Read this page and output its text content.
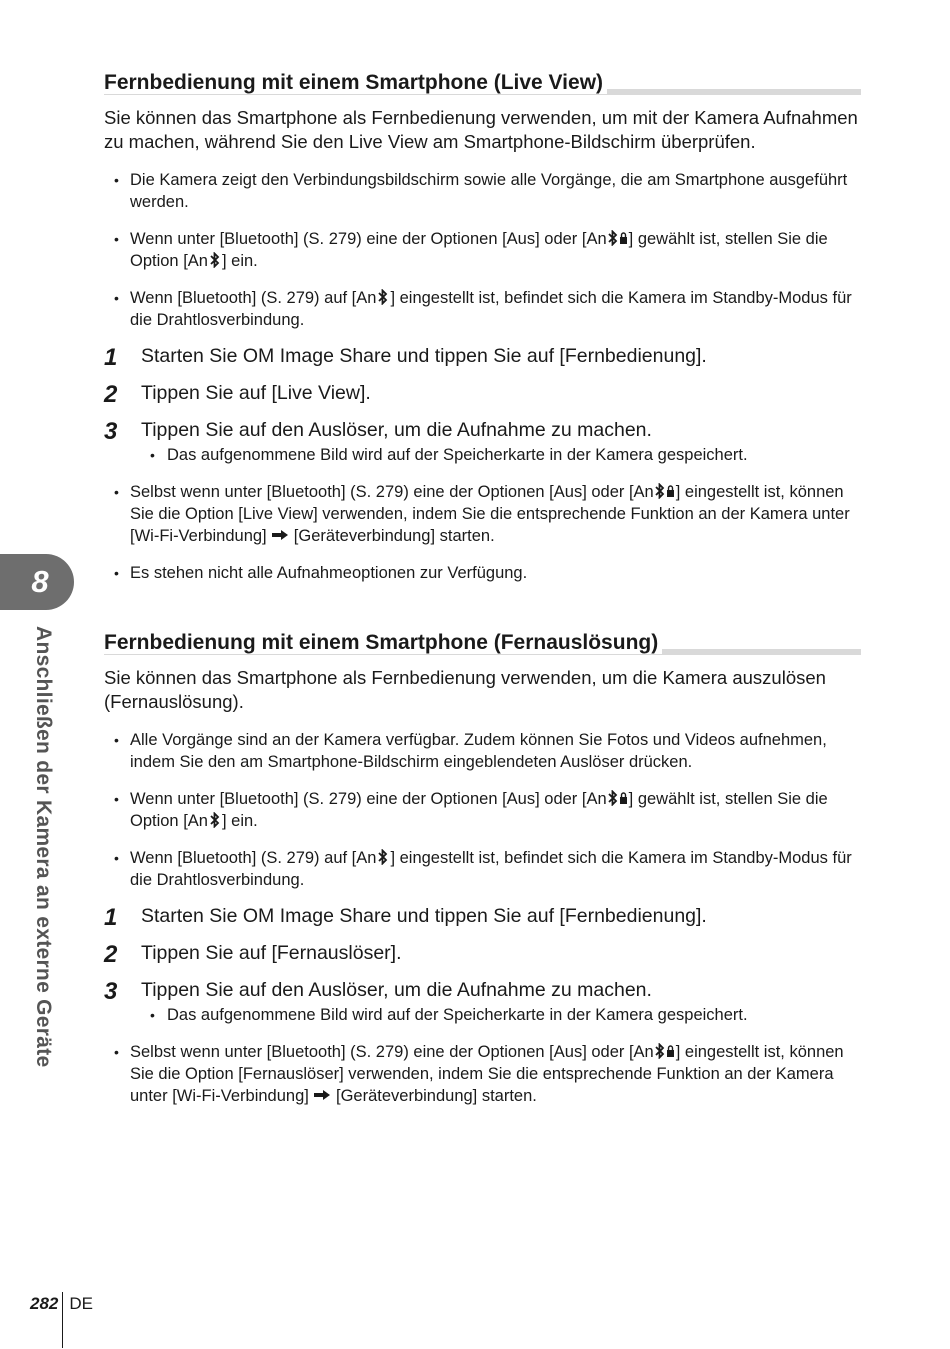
Fernbedienung mit einem Smartphone (Live View)

Sie können das Smartphone als Fernbedienung verwenden, um mit der Kamera Aufnahmen zu machen, während Sie den Live View am Smartphone-Bildschirm überprüfen.

• Die Kamera zeigt den Verbindungsbildschirm sowie alle Vorgänge, die am Smartphone ausgeführt werden.
• Wenn unter [Bluetooth] (S. 279) eine der Optionen [Aus] oder [An ] gewählt ist, stellen Sie die Option [An ] ein.
• Wenn [Bluetooth] (S. 279) auf [An ] eingestellt ist, befindet sich die Kamera im Standby-Modus für die Drahtlosverbindung.
1 Starten Sie OM Image Share und tippen Sie auf [Fernbedienung].
2 Tippen Sie auf [Live View].
3 Tippen Sie auf den Auslöser, um die Aufnahme zu machen.
• Das aufgenommene Bild wird auf der Speicherkarte in der Kamera gespeichert.
• Selbst wenn unter [Bluetooth] (S. 279) eine der Optionen [Aus] oder [An ] eingestellt ist, können Sie die Option [Live View] verwenden, indem Sie die entsprechende Funktion an der Kamera unter [Wi-Fi-Verbindung]  [Geräteverbindung] starten.
• Es stehen nicht alle Aufnahmeoptionen zur Verfügung.
Fernbedienung mit einem Smartphone (Fernauslösung)

Sie können das Smartphone als Fernbedienung verwenden, um die Kamera auszulösen (Fernauslösung).

• Alle Vorgänge sind an der Kamera verfügbar. Zudem können Sie Fotos und Videos aufnehmen, indem Sie den am Smartphone-Bildschirm eingeblendeten Auslöser drücken.
• Wenn unter [Bluetooth] (S. 279) eine der Optionen [Aus] oder [An ] gewählt ist, stellen Sie die Option [An ] ein.
• Wenn [Bluetooth] (S. 279) auf [An ] eingestellt ist, befindet sich die Kamera im Standby-Modus für die Drahtlosverbindung.
1 Starten Sie OM Image Share und tippen Sie auf [Fernbedienung].
2 Tippen Sie auf [Fernauslöser].
3 Tippen Sie auf den Auslöser, um die Aufnahme zu machen.
• Das aufgenommene Bild wird auf der Speicherkarte in der Kamera gespeichert.
• Selbst wenn unter [Bluetooth] (S. 279) eine der Optionen [Aus] oder [An ] eingestellt ist, können Sie die Option [Fernauslöser] verwenden, indem Sie die entsprechende Funktion an der Kamera unter [Wi-Fi-Verbindung]  [Geräteverbindung] starten.
8
Anschließen der Kamera an externe Geräte
282 DE
